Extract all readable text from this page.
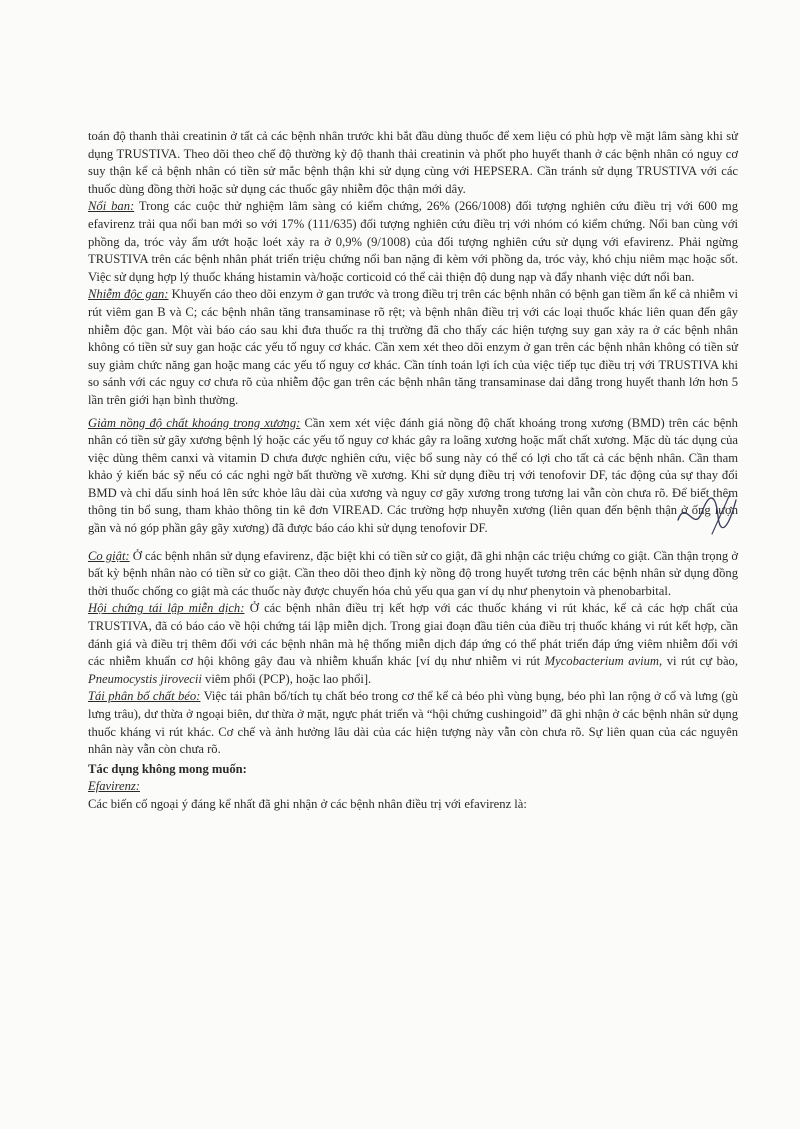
toán độ thanh thải creatinin ở tất cả các bệnh nhân trước khi bắt đầu dùng thuốc để xem liệu có phù hợp về mặt lâm sàng khi sử dụng TRUSTIVA. Theo dõi theo chế độ thường kỳ độ thanh thải creatinin và phốt pho huyết thanh ở các bệnh nhân có nguy cơ suy thận kể cả bệnh nhân có tiền sử mắc bệnh thận khi sử dụng cùng với HEPSERA. Cần tránh sử dụng TRUSTIVA với các thuốc dùng đồng thời hoặc sử dụng các thuốc gây nhiễm độc thận mới dây.

Nổi ban: Trong các cuộc thử nghiệm lâm sàng có kiểm chứng, 26% (266/1008) đối tượng nghiên cứu điều trị với 600 mg efavirenz trải qua nổi ban mới so với 17% (111/635) đối tượng nghiên cứu điều trị với nhóm có kiểm chứng. Nổi ban cùng với phồng da, tróc vảy ẩm ướt hoặc loét xảy ra ở 0,9% (9/1008) của đối tượng nghiên cứu sử dụng với efavirenz. Phải ngừng TRUSTIVA trên các bệnh nhân phát triển triệu chứng nổi ban nặng đi kèm với phồng da, tróc vảy, khó chịu niêm mạc hoặc sốt. Việc sử dụng hợp lý thuốc kháng histamin và/hoặc corticoid có thể cải thiện độ dung nạp và đẩy nhanh việc dứt nổi ban.

Nhiễm độc gan: Khuyến cáo theo dõi enzym ở gan trước và trong điều trị trên các bệnh nhân có bệnh gan tiềm ẩn kể cả nhiễm vi rút viêm gan B và C; các bệnh nhân tăng transaminase rõ rệt; và bệnh nhân điều trị với các loại thuốc khác liên quan đến gây nhiễm độc gan. Một vài báo cáo sau khi đưa thuốc ra thị trường đã cho thấy các hiện tượng suy gan xảy ra ở các bệnh nhân không có tiền sử suy gan hoặc các yếu tố nguy cơ khác. Cần xem xét theo dõi enzym ở gan trên các bệnh nhân không có tiền sử suy giảm chức năng gan hoặc mang các yếu tố nguy cơ khác. Cần tính toán lợi ích của việc tiếp tục điều trị với TRUSTIVA khi so sánh với các nguy cơ chưa rõ của nhiễm độc gan trên các bệnh nhân tăng transaminase dai dẳng trong huyết thanh lớn hơn 5 lần trên giới hạn bình thường.

Giảm nồng độ chất khoáng trong xương: Cần xem xét việc đánh giá nồng độ chất khoáng trong xương (BMD) trên các bệnh nhân có tiền sử gãy xương bệnh lý hoặc các yếu tố nguy cơ khác gây ra loãng xương hoặc mất chất xương. Mặc dù tác dụng của việc dùng thêm canxi và vitamin D chưa được nghiên cứu, việc bổ sung này có thể có lợi cho tất cả các bệnh nhân. Cần tham khảo ý kiến bác sỹ nếu có các nghi ngờ bất thường về xương. Khi sử dụng điều trị với tenofovir DF, tác động của sự thay đổi BMD và chỉ dấu sinh hoá lên sức khỏe lâu dài của xương và nguy cơ gãy xương trong tương lai vẫn còn chưa rõ. Để biết thêm thông tin bổ sung, tham khảo thông tin kê đơn VIREAD. Các trường hợp nhuyễn xương (liên quan đến bệnh thận ở ống lượn gần và nó góp phần gây gãy xương) đã được báo cáo khi sử dụng tenofovir DF.

Co giật: Ở các bệnh nhân sử dụng efavirenz, đặc biệt khi có tiền sử co giật, đã ghi nhận các triệu chứng co giật. Cần thận trọng ở bất kỳ bệnh nhân nào có tiền sử co giật. Cần theo dõi theo định kỳ nồng độ trong huyết tương trên các bệnh nhân sử dụng đồng thời thuốc chống co giật mà các thuốc này được chuyển hóa chủ yếu qua gan ví dụ như phenytoin và phenobarbital.

Hội chứng tái lập miễn dịch: Ở các bệnh nhân điều trị kết hợp với các thuốc kháng vi rút khác, kể cả các hợp chất của TRUSTIVA, đã có báo cáo về hội chứng tái lập miễn dịch. Trong giai đoạn đầu tiên của điều trị thuốc kháng vi rút kết hợp, cần đánh giá và điều trị thêm đối với các bệnh nhân mà hệ thống miễn dịch đáp ứng có thể phát triển đáp ứng viêm nhiễm đối với các nhiễm khuẩn cơ hội không gây đau và nhiễm khuẩn khác [ví dụ như nhiễm vi rút Mycobacterium avium, vi rút cự bào, Pneumocystis jirovecii viêm phổi (PCP), hoặc lao phổi].

Tái phân bố chất béo: Việc tái phân bố/tích tụ chất béo trong cơ thể kể cả béo phì vùng bụng, béo phì lan rộng ở cổ và lưng (gù lưng trâu), dư thừa ở ngoại biên, dư thừa ở mặt, ngực phát triển và “hội chứng cushingoid” đã ghi nhận ở các bệnh nhân sử dụng thuốc kháng vi rút khác. Cơ chế và ảnh hưởng lâu dài của các hiện tượng này vẫn còn chưa rõ. Sự liên quan của các nguyên nhân này vẫn còn chưa rõ.

Tác dụng không mong muốn:

Efavirenz:

Các biến cố ngoại ý đáng kể nhất đã ghi nhận ở các bệnh nhân điều trị với efavirenz là:
